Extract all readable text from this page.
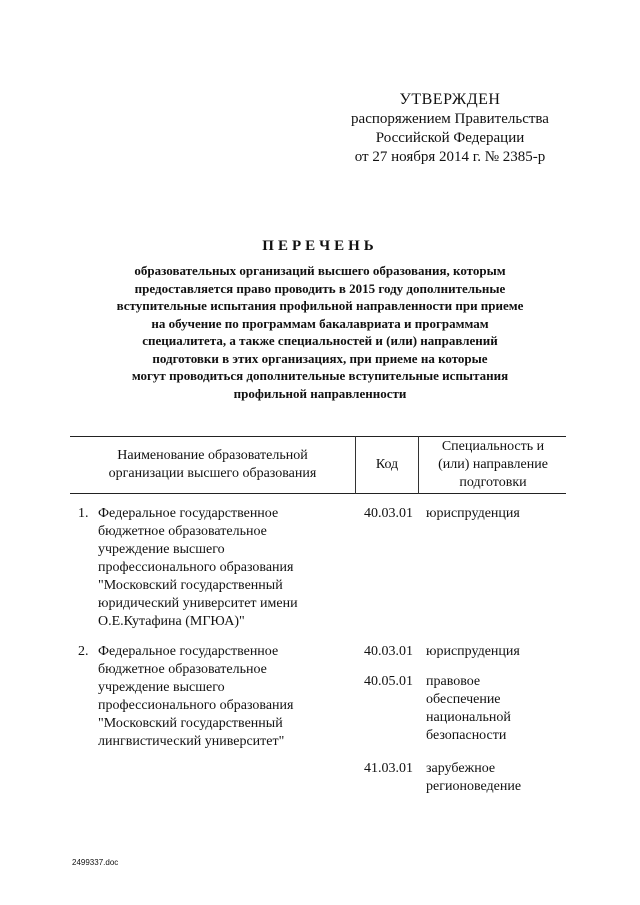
УТВЕРЖДЕН
распоряжением Правительства
Российской Федерации
от 27 ноября 2014 г. № 2385-р
ПЕРЕЧЕНЬ
образовательных организаций высшего образования, которым
предоставляется право проводить в 2015 году дополнительные
вступительные испытания профильной направленности при приеме
на обучение по программам бакалавриата и программам
специалитета, а также специальностей и (или) направлений
подготовки в этих организациях, при приеме на которые
могут проводиться дополнительные вступительные испытания
профильной направленности
Наименование образовательной
организации высшего образования
Код
Специальность и
(или) направление
подготовки
1. Федеральное государственное
бюджетное образовательное
учреждение высшего
профессионального образования
"Московский государственный
юридический университет имени
О.Е.Кутафина (МГЮА)"
40.03.01 юриспруденция
2. Федеральное государственное
бюджетное образовательное
учреждение высшего
профессионального образования
"Московский государственный
лингвистический университет"
40.03.01 юриспруденция
40.05.01 правовое
обеспечение
национальной
безопасности
41.03.01 зарубежное
регионоведение
2499337.doc
